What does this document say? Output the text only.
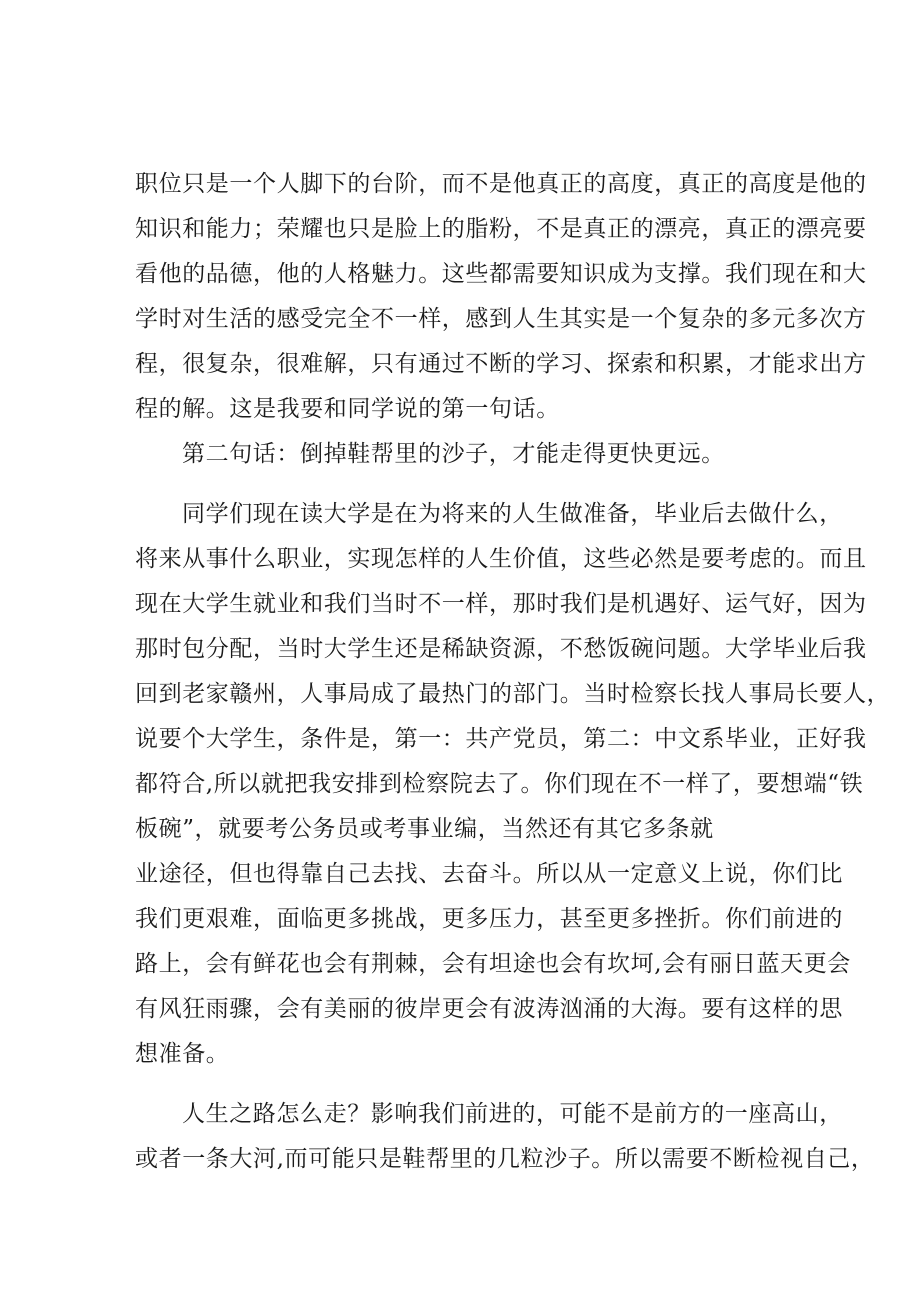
职位只是一个人脚下的台阶，而不是他真正的高度，真正的高度是他的
知识和能力；荣耀也只是脸上的脂粉，不是真正的漂亮，真正的漂亮要
看他的品德，他的人格魅力。这些都需要知识成为支撑。我们现在和大
学时对生活的感受完全不一样，感到人生其实是一个复杂的多元多次方
程，很复杂，很难解，只有通过不断的学习、探索和积累，才能求出方
程的解。这是我要和同学说的第一句话。
第二句话：倒掉鞋帮里的沙子，才能走得更快更远。
同学们现在读大学是在为将来的人生做准备，毕业后去做什么，
将来从事什么职业，实现怎样的人生价值，这些必然是要考虑的。而且
现在大学生就业和我们当时不一样，那时我们是机遇好、运气好，因为
那时包分配，当时大学生还是稀缺资源，不愁饭碗问题。大学毕业后我
回到老家赣州，人事局成了最热门的部门。当时检察长找人事局长要人，
说要个大学生，条件是，第一：共产党员，第二：中文系毕业，正好我
都符合,所以就把我安排到检察院去了。你们现在不一样了，要想端“铁
板碗”，就要考公务员或考事业编，当然还有其它多条就
业途径，但也得靠自己去找、去奋斗。所以从一定意义上说，你们比
我们更艰难，面临更多挑战，更多压力，甚至更多挫折。你们前进的
路上，会有鲜花也会有荆棘，会有坦途也会有坎坷,会有丽日蓝天更会
有风狂雨骤，会有美丽的彼岸更会有波涛汹涌的大海。要有这样的思
想准备。
人生之路怎么走？影响我们前进的，可能不是前方的一座高山，
或者一条大河,而可能只是鞋帮里的几粒沙子。所以需要不断检视自己，
